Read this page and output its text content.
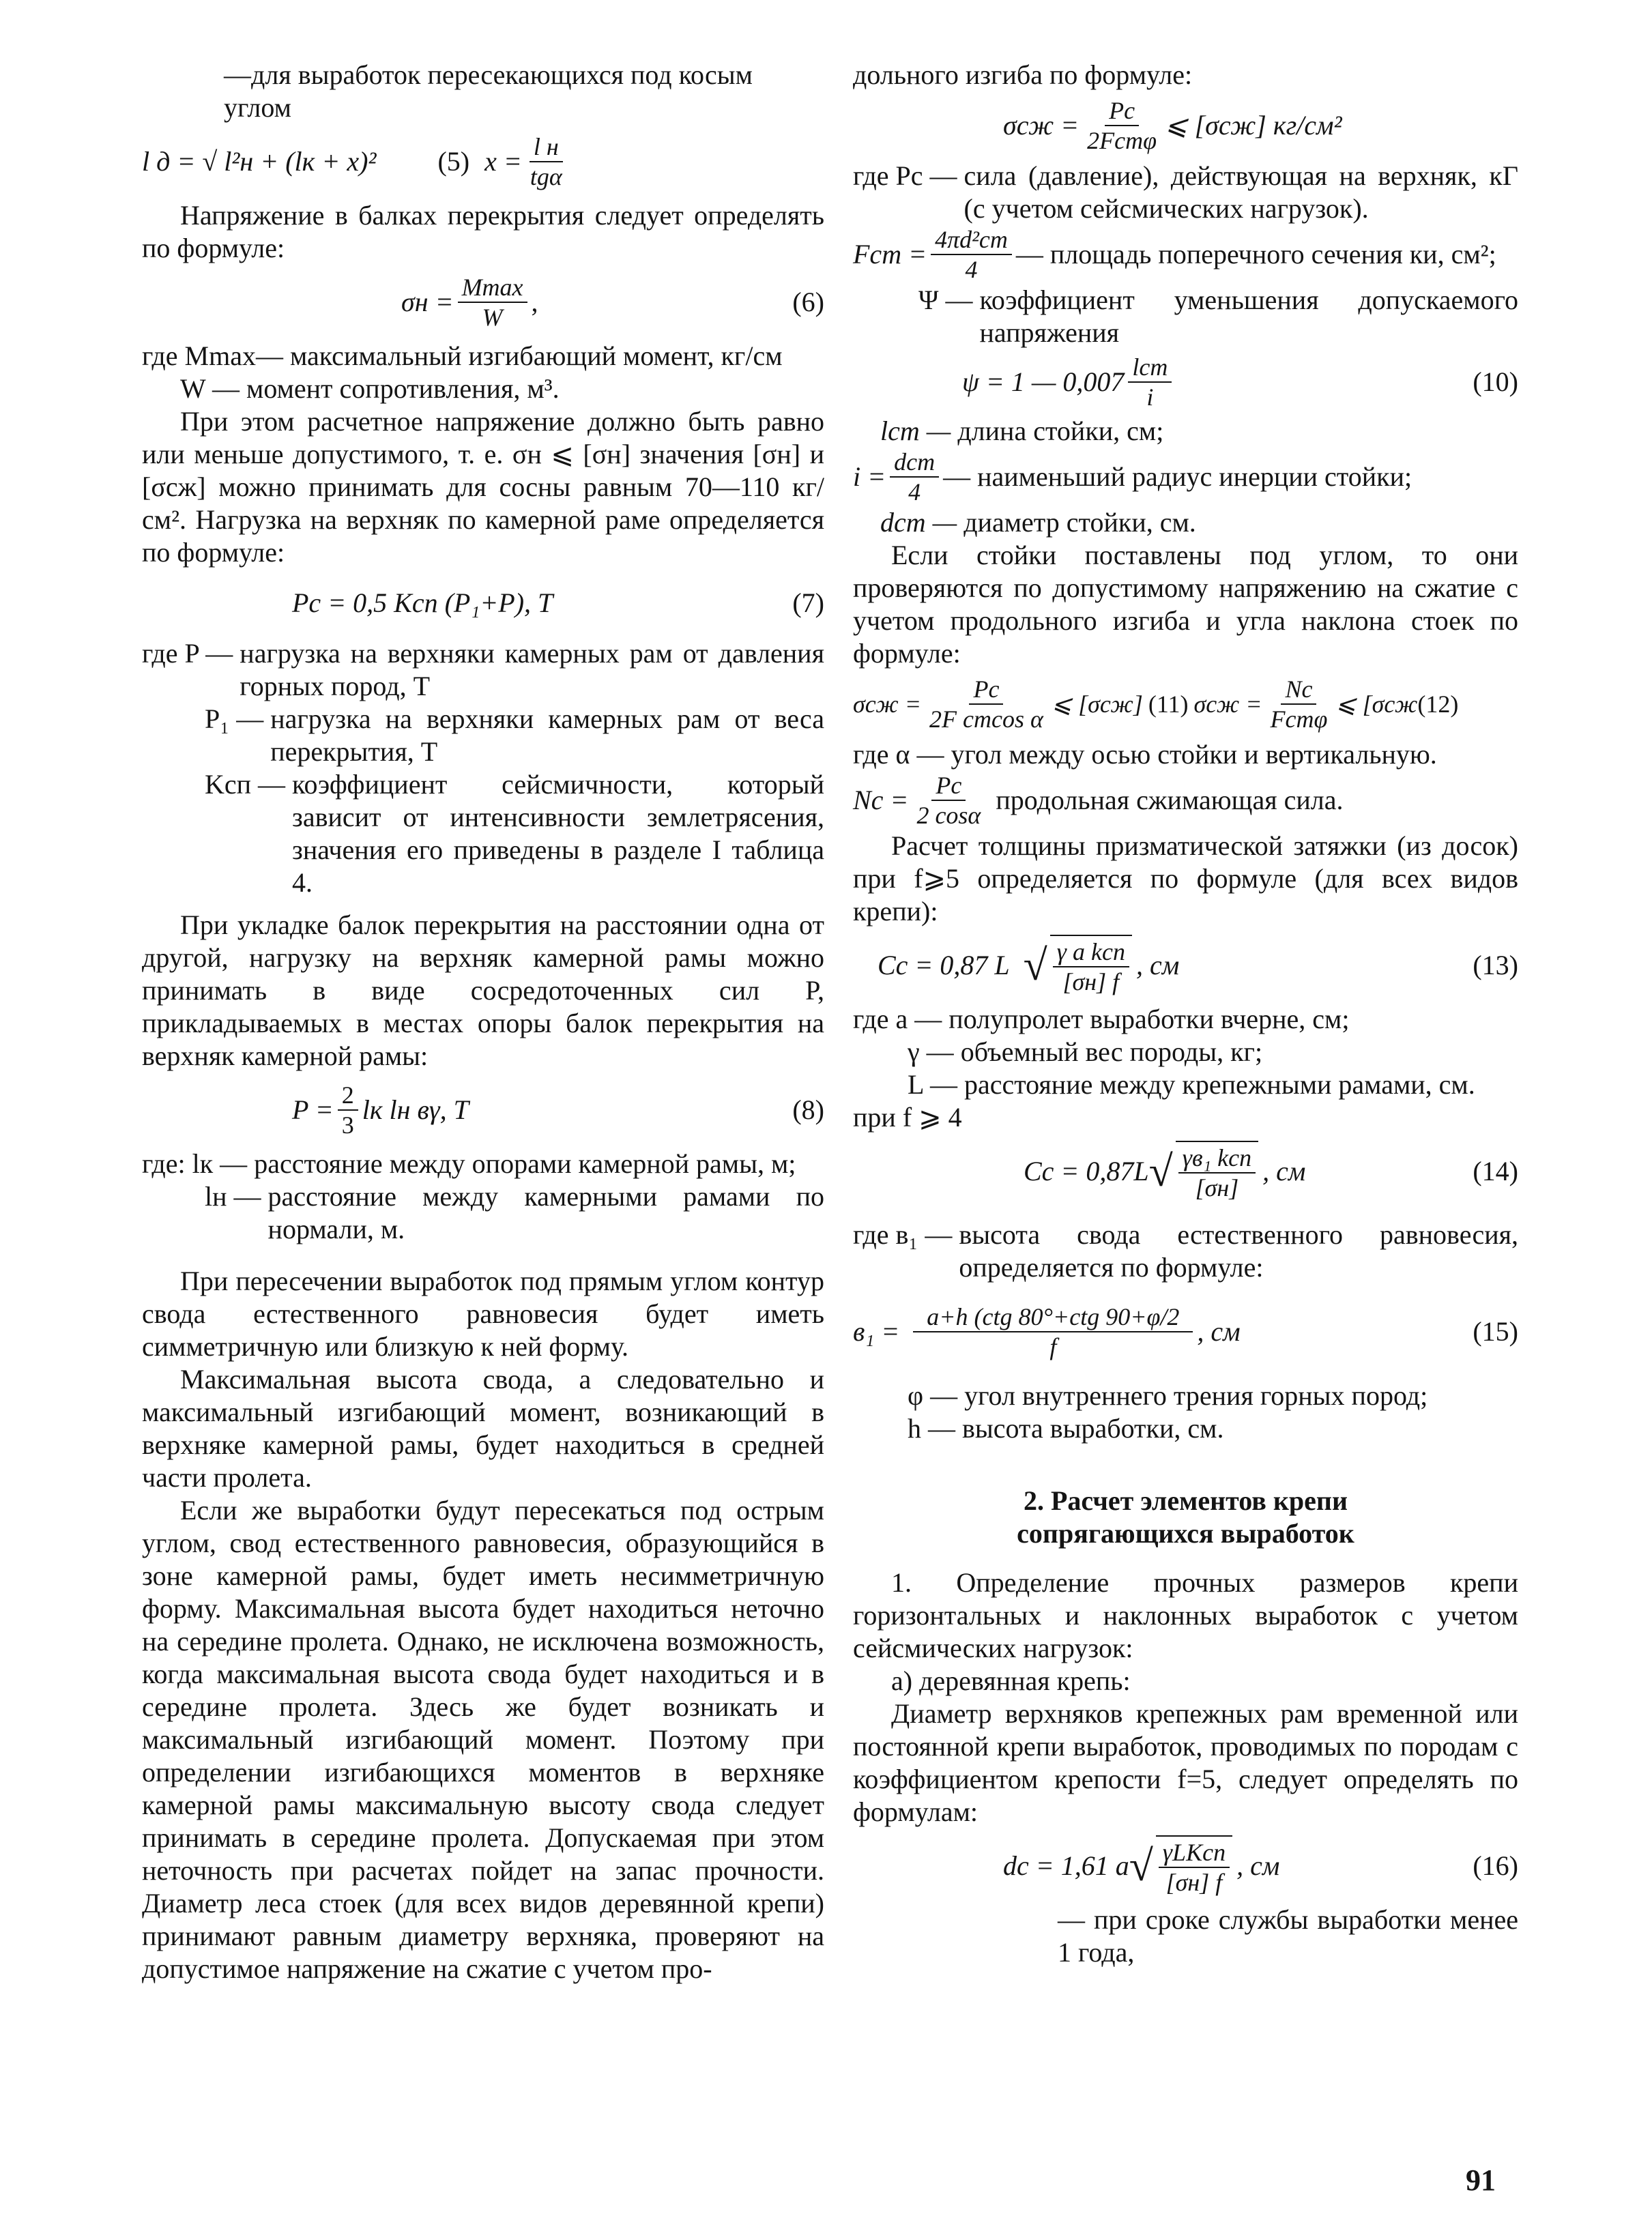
—для выработок пересекающихся под косым углом

l д = √ l²н + (lк + x)² (5) $x = \frac{\text{l н}}{\text{tgα}}$

Напряжение в балках перекрытия следует определять по формуле:

$\sigma н = \frac{Mmax}{W}$ ,	(6)
где Mmax— максимальный изгибающий момент, кг/см
W — момент сопротивления, м³.

При этом расчетное напряжение должно быть равно или меньше допустимого, т. е. σн ⩽ [σн] значения [σн] и [σсж] можно принимать для сосны равным 70—110 кг/см². Нагрузка на верхняк по камерной раме определяется по формуле:

Pс = 0,5 Kсп (P₁+P), T	(7)
где P — нагрузка на верхняки камерных рам от давления горных пород, T
P₁ — нагрузка на верхняки камерных рам от веса перекрытия, T
Kсп — коэффициент сейсмичности, который зависит от интенсивности землетрясения, значения его приведены в разделе I таблица 4.

При укладке балок перекрытия на расстоянии одна от другой, нагрузку на верхняк камерной рамы можно принимать в виде сосредоточенных сил P, прикладываемых в местах опоры балок перекрытия на верхняк камерной рамы:

$P = \frac{2}{3}$ lк lн вγ, T	(8)
где: lк — расстояние между опорами камерной рамы, м;
lн — расстояние между камерными рамами по нормали, м.

При пересечении выработок под прямым углом контур свода естественного равновесия будет иметь симметричную или близкую к ней форму.

Максимальная высота свода, а следовательно и максимальный изгибающий момент, возникающий в верхняке камерной рамы, будет находиться в средней части пролета.

Если же выработки будут пересекаться под острым углом, свод естественного равновесия, образующийся в зоне камерной рамы, будет иметь несимметричную форму. Максимальная высота будет находиться неточно на середине пролета. Однако, не исключена возможность, когда максимальная высота свода будет находиться и в середине пролета. Здесь же будет возникать и максимальный изгибающий момент. Поэтому при определении изгибающихся моментов в верхняке камерной рамы максимальную высоту свода следует принимать в середине пролета. Допускаемая при этом неточность при расчетах пойдет на запас прочности. Диаметр леса стоек (для всех видов деревянной крепи) принимают равным диаметру верхняка, проверяют на допустимое напряжение на сжатие с учетом про-

дольного изгиба по формуле:

$\sigma сж = \frac{Pс}{\text{2Fстφ}}$ ⩽ [σсж] кг/см²
где Pс — сила (давление), действующая на верхняк, кГ (с учетом сейсмических нагрузок).
Fст = $\frac{\text{4πd²ст}}{4}$ — площадь поперечного сечения ки, см²;
Ψ — коэффициент уменьшения допускаемого напряжения
ψ = 1 — $0,007 \frac{\text{lст}}{i}$	(10)
lст — длина стойки, см;
$i = \frac{\text{dст}}{4}$ — наименьший радиус инерции стойки;
dст — диаметр стойки, см.

Если стойки поставлены под углом, то они проверяются по допустимому напряжению на сжатие с учетом продольного изгиба и угла наклона стоек по формуле:

$\sigma сж = \frac{Pc}{\text{2F стcos α}}$ ⩽ [σсж] (11) $\sigma сж = \frac{Nc}{\text{Fстφ}}$ ⩽ [σсж (12)
где α — угол между осью стойки и вертикальную.
$Nc = \frac{Pc}{2 \cos\alpha}$ продольная сжимающая сила.

Расчет толщины призматической затяжки (из досок) при f⩾5 определяется по формуле (для всех видов крепи):

Cc = 0,87 L √ $\frac{\text{γ a kсп}}{[\sigma н] f}$ , см	(13)
где a — полупролет выработки вчерне, см;
γ — объемный вес породы, кг;
L — расстояние между крепежными рамами, см.

при f ⩾ 4

Cc = 0,87L √ $\frac{\text{γв₁ kсп}}{[\sigma н]}$ , см	(14)
где в₁ — высота свода естественного равновесия, определяется по формуле:
$в_1 = \frac{\text{a+h (ctg 80°+ctg 90+φ/2}}{f}$ , см	(15)
φ — угол внутреннего трения горных пород;
h — высота выработки, см.
2. Расчет элементов крепи
сопрягающихся выработок

1. Определение прочных размеров крепи горизонтальных и наклонных выработок с учетом сейсмических нагрузок:

а) деревянная крепь:

Диаметр верхняков крепежных рам временной или постоянной крепи выработок, проводимых по породам с коэффициентом крепости f=5, следует определять по формулам:

dc = 1,61 a √ $\frac{\text{γLKсп}}{[\sigma н] f}$ , см	(16)

— при сроке службы выработки менее 1 года,

91
